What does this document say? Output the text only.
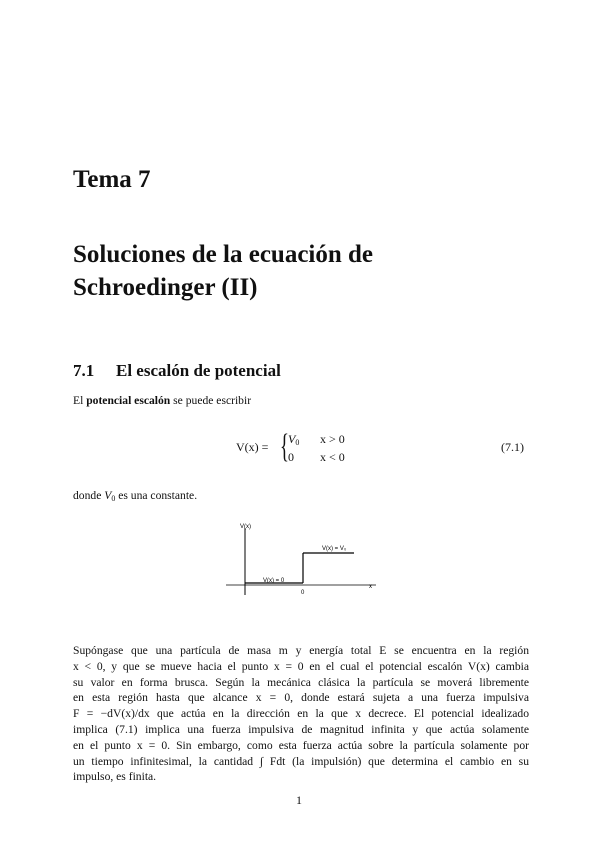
Tema 7
Soluciones de la ecuación de
Schroedinger (II)
7.1 El escalón de potencial
El potencial escalón se puede escribir
V(x) = { $V_0$ x > 0
0 x < 0
(7.1)
donde $V_0$ es una constante.
V(x)
V(x) = V₀
V(x) = 0
0
x
Supóngase que una partícula de masa m y energía total E se encuentra en la región
x < 0, y que se mueve hacia el punto x = 0 en el cual el potencial escalón V(x) cambia
su valor en forma brusca. Según la mecánica clásica la partícula se moverá libremente
en esta región hasta que alcance x = 0, donde estará sujeta a una fuerza impulsiva
F = −dV(x)/dx que actúa en la dirección en la que x decrece. El potencial idealizado
implica (7.1) implica una fuerza impulsiva de magnitud infinita y que actúa solamente
en el punto x = 0. Sin embargo, como esta fuerza actúa sobre la partícula solamente por
un tiempo infinitesimal, la cantidad ∫ Fdt (la impulsión) que determina el cambio en su
impulso, es finita.
1
